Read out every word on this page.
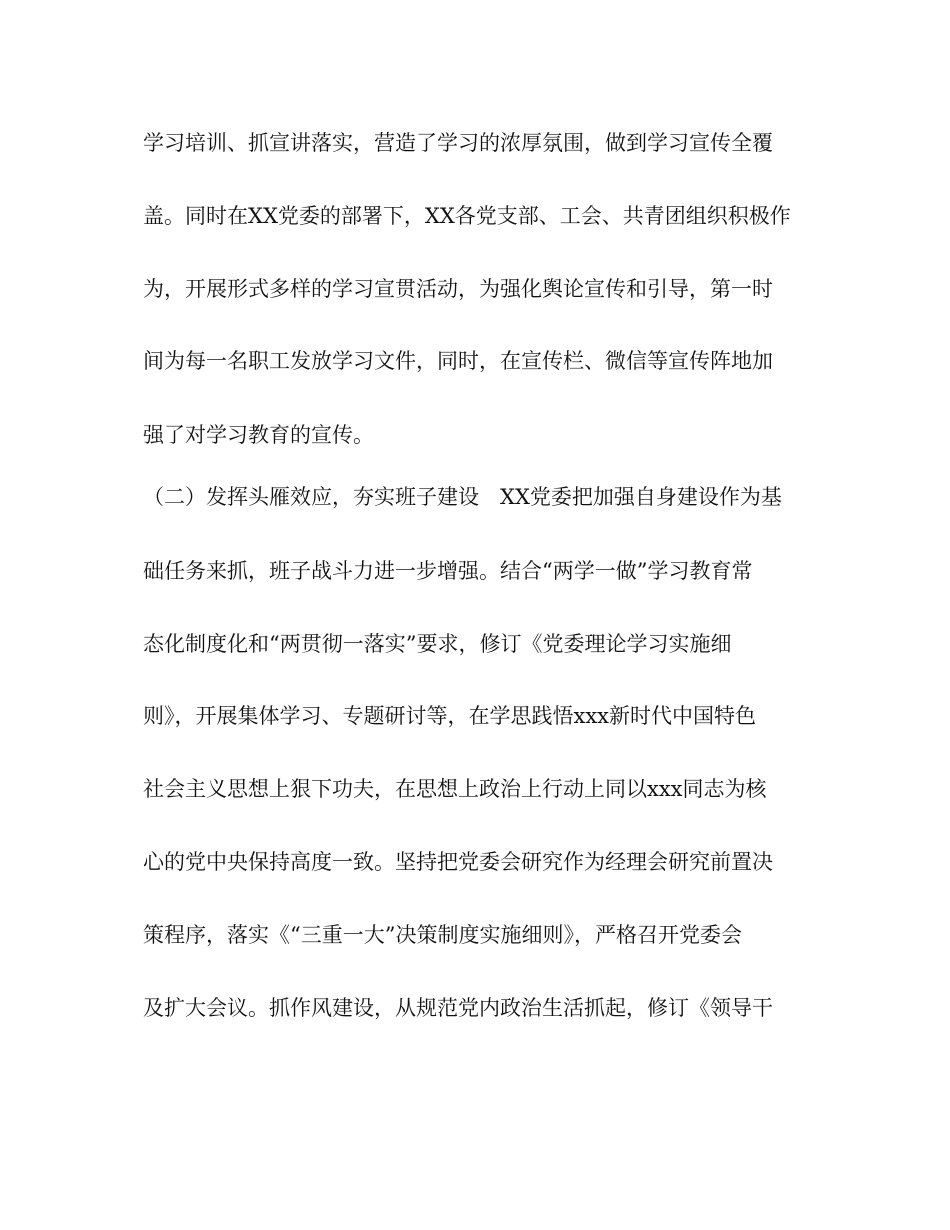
学习培训、抓宣讲落实，营造了学习的浓厚氛围，做到学习宣传全覆
盖。同时在XX党委的部署下，XX各党支部、工会、共青团组织积极作
为，开展形式多样的学习宣贯活动，为强化舆论宣传和引导，第一时
间为每一名职工发放学习文件，同时，在宣传栏、微信等宣传阵地加
强了对学习教育的宣传。
（二）发挥头雁效应，夯实班子建设　XX党委把加强自身建设作为基
础任务来抓，班子战斗力进一步增强。结合“两学一做”学习教育常
态化制度化和“两贯彻一落实”要求，修订《党委理论学习实施细
则》，开展集体学习、专题研讨等，在学思践悟xxx新时代中国特色
社会主义思想上狠下功夫，在思想上政治上行动上同以xxx同志为核
心的党中央保持高度一致。坚持把党委会研究作为经理会研究前置决
策程序，落实《“三重一大”决策制度实施细则》，严格召开党委会
及扩大会议。抓作风建设，从规范党内政治生活抓起，修订《领导干
